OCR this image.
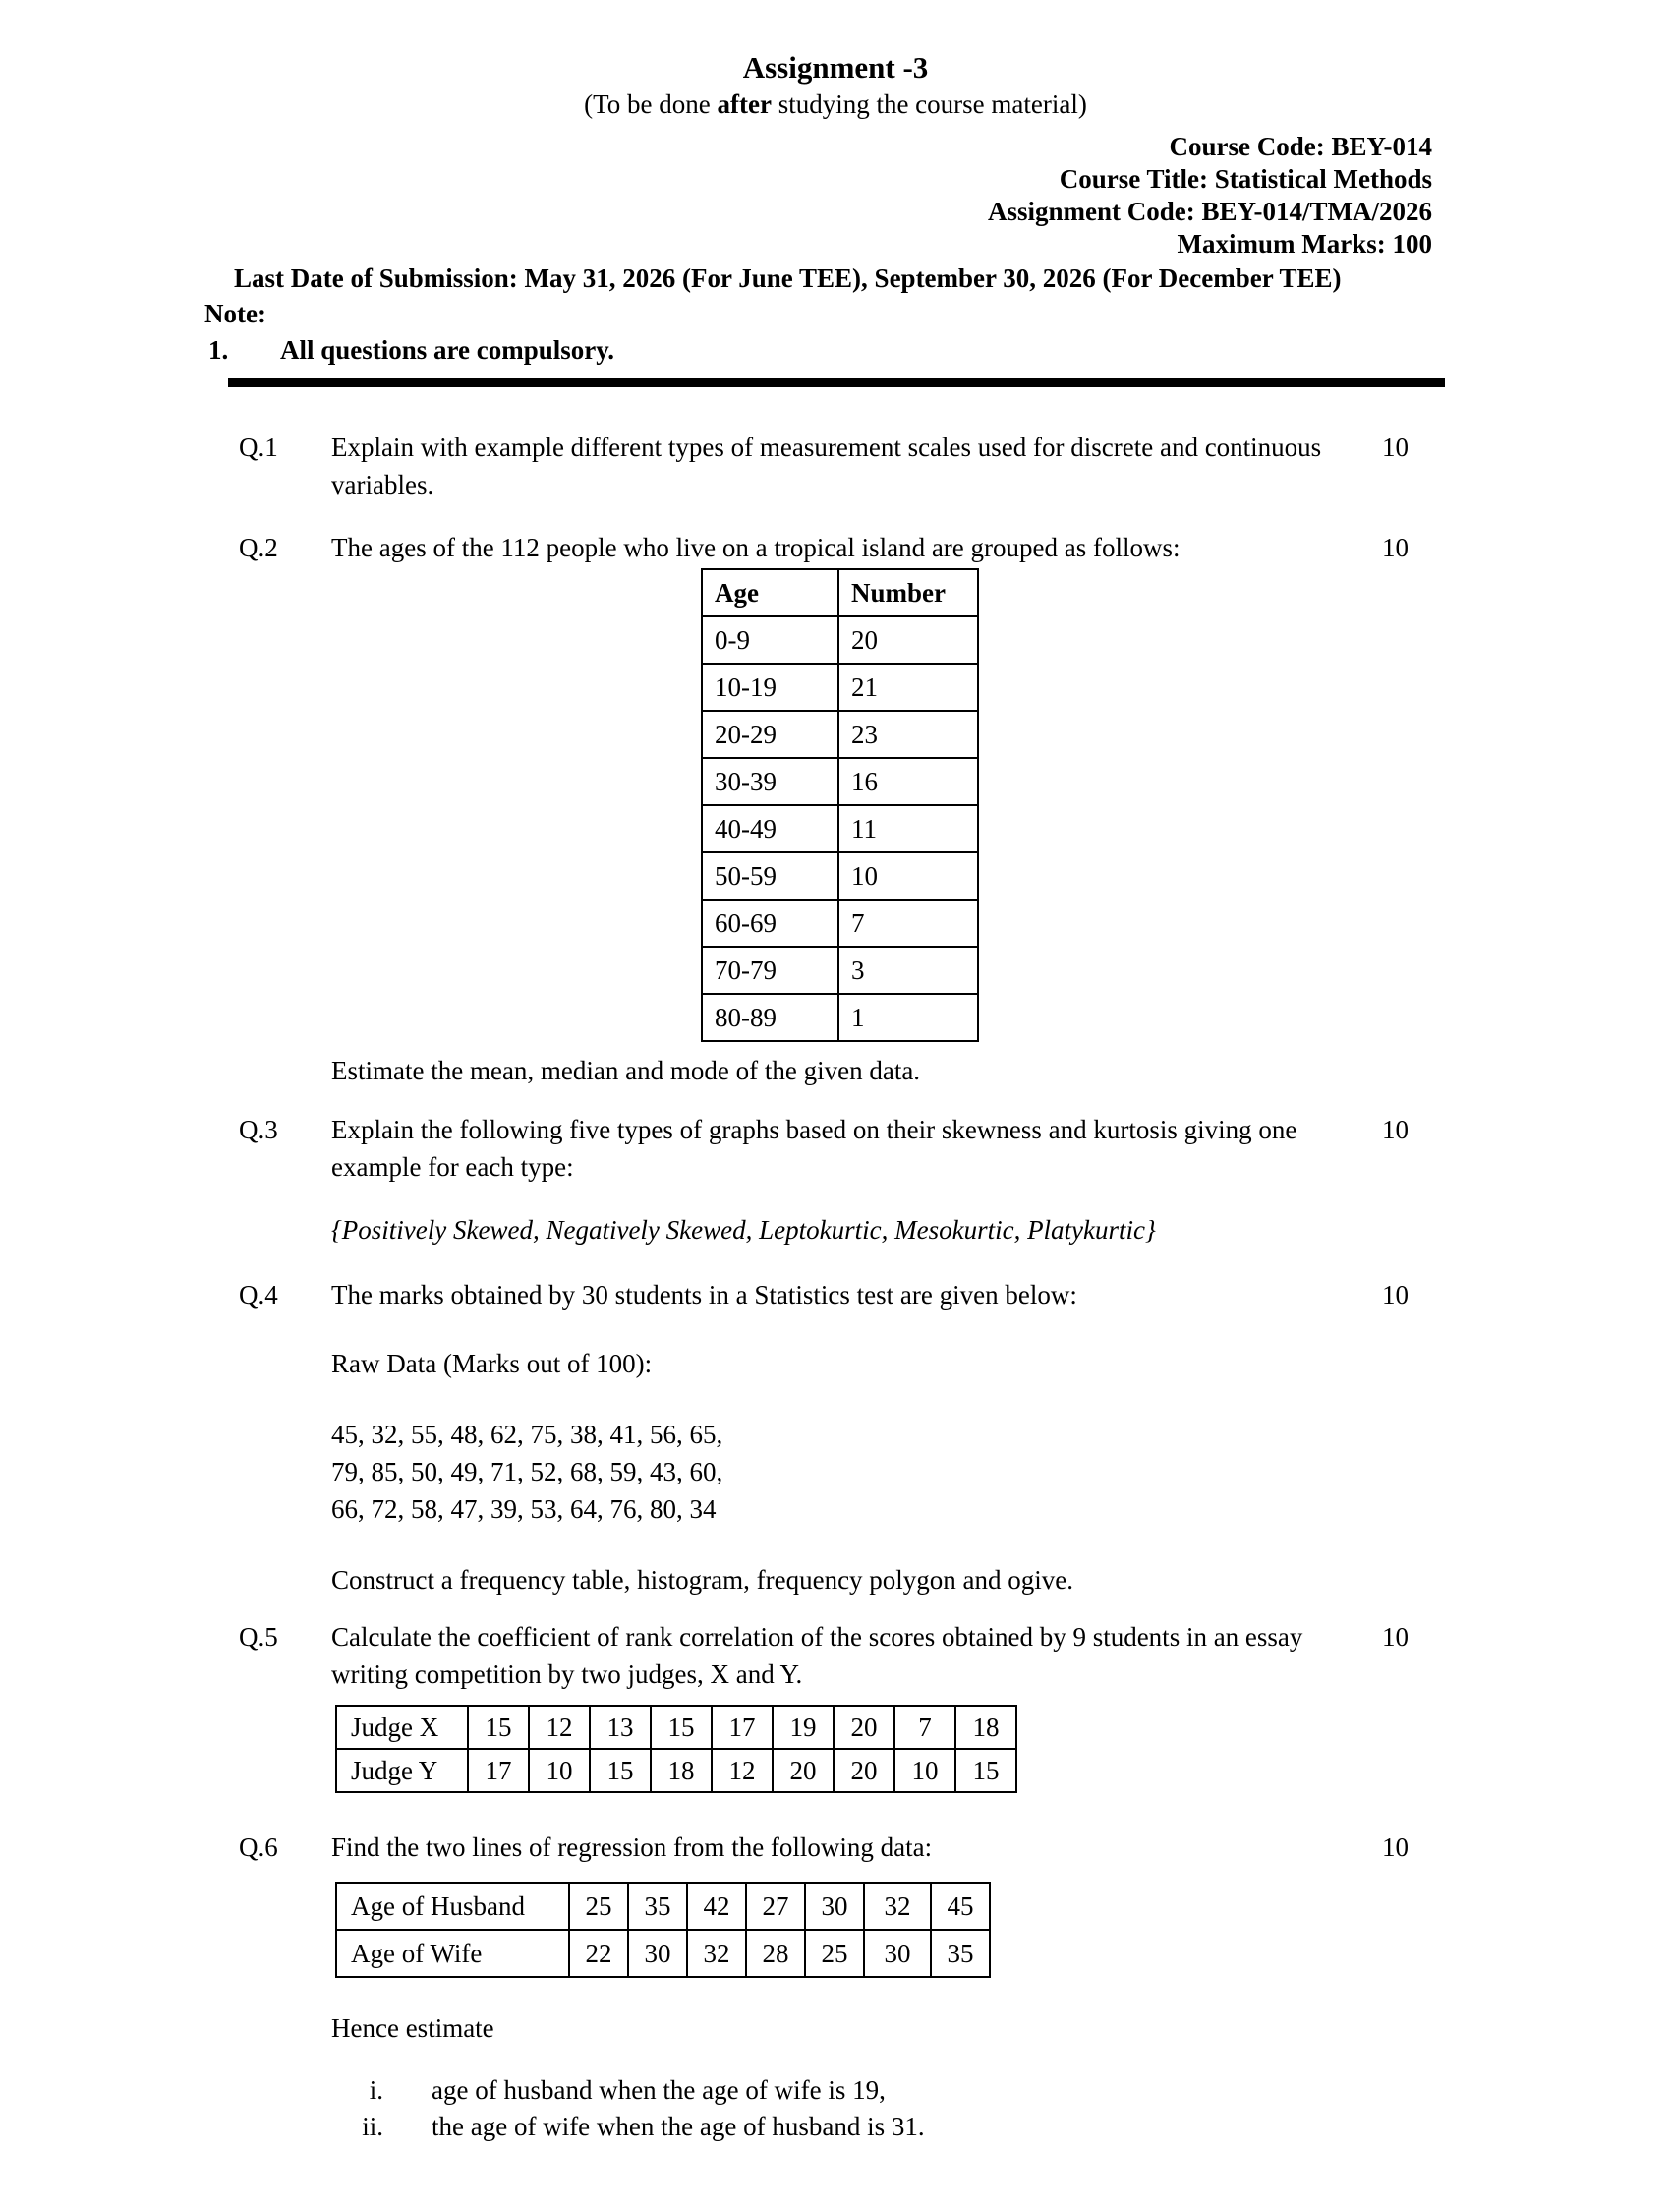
Assignment -3
(To be done after studying the course material)
Course Code: BEY-014
Course Title: Statistical Methods
Assignment Code: BEY-014/TMA/2026
Maximum Marks: 100
Last Date of Submission: May 31, 2026 (For June TEE), September 30, 2026 (For December TEE)
Note:
1.	All questions are compulsory.
Q.1	Explain with example different types of measurement scales used for discrete and continuous variables.
10
Q.2	The ages of the 112 people who live on a tropical island are grouped as follows:
Age	Number
0-9	20
10-19	21
20-29	23
30-39	16
40-49	11
50-59	10
60-69	7
70-79	3
80-89	1
Estimate the mean, median and mode of the given data.
10
Q.3	Explain the following five types of graphs based on their skewness and kurtosis giving one example for each type:
{Positively Skewed, Negatively Skewed, Leptokurtic, Mesokurtic, Platykurtic}
10
Q.4	The marks obtained by 30 students in a Statistics test are given below:
Raw Data (Marks out of 100):
45, 32, 55, 48, 62, 75, 38, 41, 56, 65,
79, 85, 50, 49, 71, 52, 68, 59, 43, 60,
66, 72, 58, 47, 39, 53, 64, 76, 80, 34
Construct a frequency table, histogram, frequency polygon and ogive.
10
Q.5	Calculate the coefficient of rank correlation of the scores obtained by 9 students in an essay writing competition by two judges, X and Y.
Judge X	15	12	13	15	17	19	20	7	18
Judge Y	17	10	15	18	12	20	20	10	15
10
Q.6	Find the two lines of regression from the following data:
Age of Husband	25	35	42	27	30	32	45
Age of Wife	22	30	32	28	25	30	35
Hence estimate
i. age of husband when the age of wife is 19,
ii. the age of wife when the age of husband is 31.
10
